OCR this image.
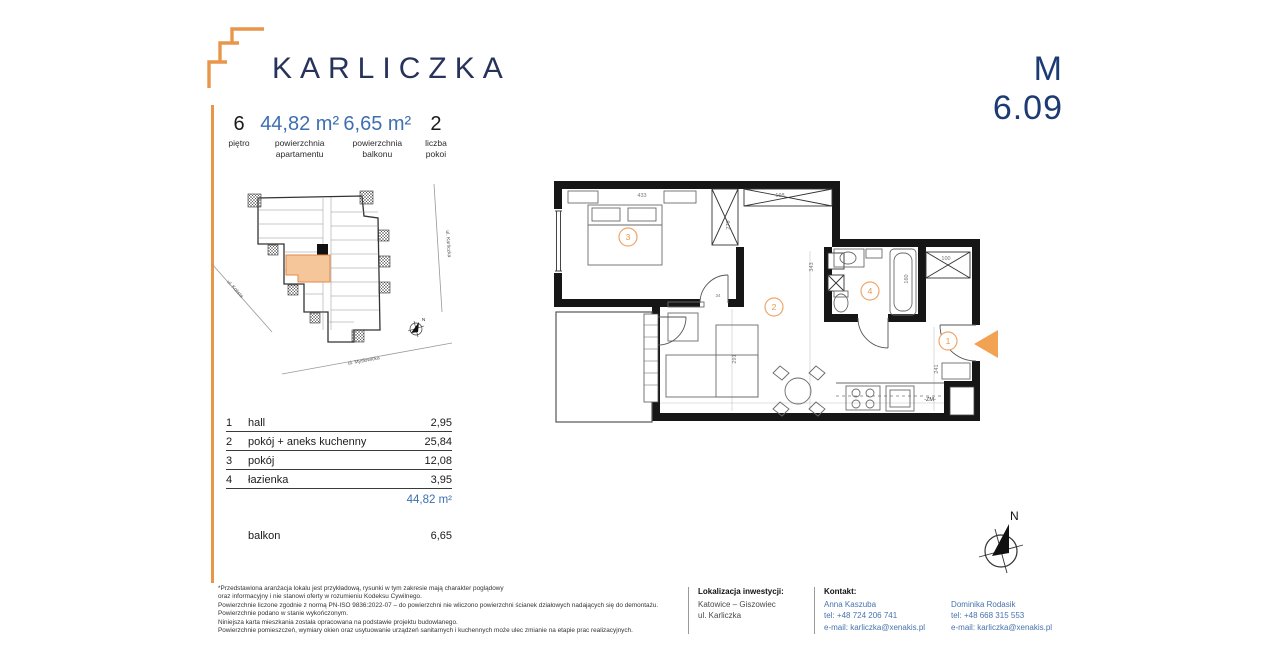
KARLICZKA	M 6.09
6
piętro
44,82 m²
powierzchnia
apartamentu
6,65 m²
powierzchnia
balkonu
2
liczba
pokoi
ul. Karliczka
ul. Kolista
ul. Mysłowicka
N
1	hall	2,95
2	pokój + aneks kuchenny	25,84
3	pokój	12,08
4	łazienka	3,95
44,82 m²
balkon	6,65
3
2
4
1
433	198
279
343
100
160
241
291
34
-ZM-
N
*Przedstawiona aranżacja lokalu jest przykładową, rysunki w tym zakresie mają charakter poglądowy
oraz informacyjny i nie stanowi oferty w rozumieniu Kodeksu Cywilnego.
Powierzchnie liczone zgodnie z normą PN-ISO 9836:2022-07 – do powierzchni nie wliczono powierzchni ścianek działowych nadających się do demontażu.
Powierzchnie podano w stanie wykończonym.
Niniejsza karta mieszkania została opracowana na podstawie projektu budowlanego.
Powierzchnie pomieszczeń, wymiary okien oraz usytuowanie urządzeń sanitarnych i kuchennych może ulec zmianie na etapie prac realizacyjnych.
Lokalizacja inwestycji:
Katowice – Giszowiec
ul. Karliczka
Kontakt:
Anna Kaszuba
tel: +48 724 206 741
e-mail: karliczka@xenakis.pl
Dominika Rodasik
tel: +48 668 315 553
e-mail: karliczka@xenakis.pl
